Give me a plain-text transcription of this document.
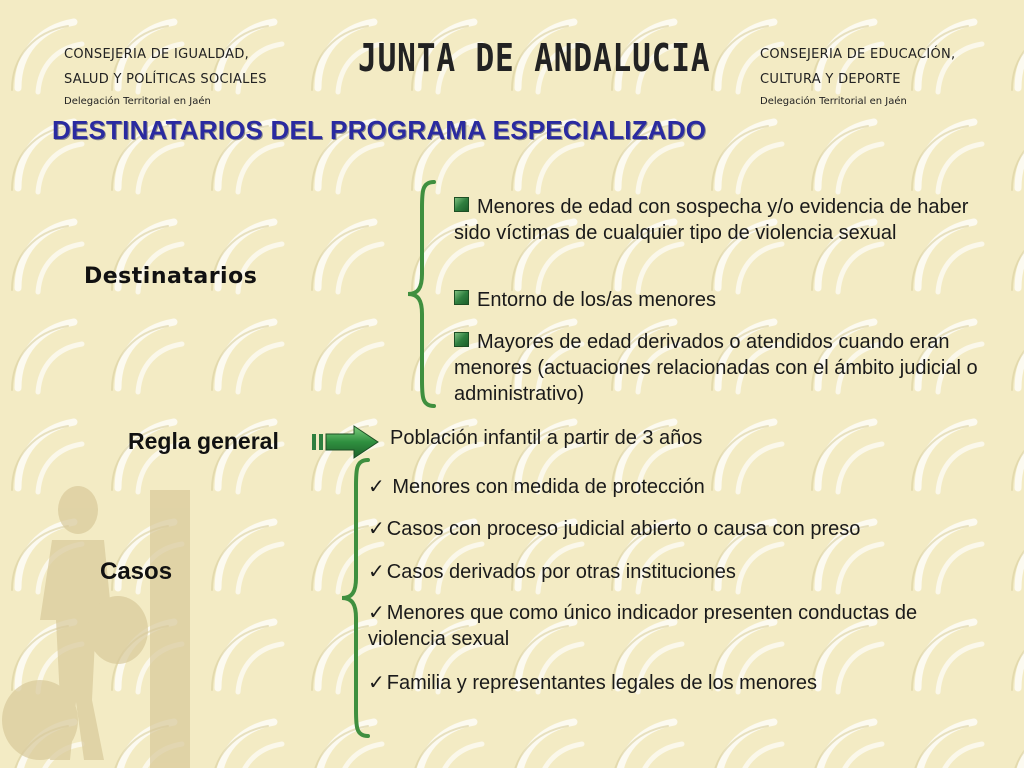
CONSEJERIA DE IGUALDAD,
SALUD Y POLÍTICAS SOCIALES
Delegación Territorial en Jaén
JUNTA DE ANDALUCIA	CONSEJERIA DE EDUCACIÓN,
CULTURA Y DEPORTE
Delegación Territorial en Jaén
DESTINATARIOS DEL PROGRAMA ESPECIALIZADO
Destinatarios
Menores de edad con sospecha y/o evidencia de haber sido víctimas de cualquier tipo de violencia sexual
Entorno de los/as menores
Mayores de edad derivados o atendidos cuando eran menores (actuaciones relacionadas con el ámbito judicial o administrativo)
Regla general	Población infantil a partir de 3 años
Casos
✓ Menores con medida de protección
✓ Casos con proceso judicial abierto o causa con preso
✓ Casos derivados por otras instituciones
✓ Menores que como único indicador presenten conductas de violencia sexual
✓ Familia y representantes legales de los menores
